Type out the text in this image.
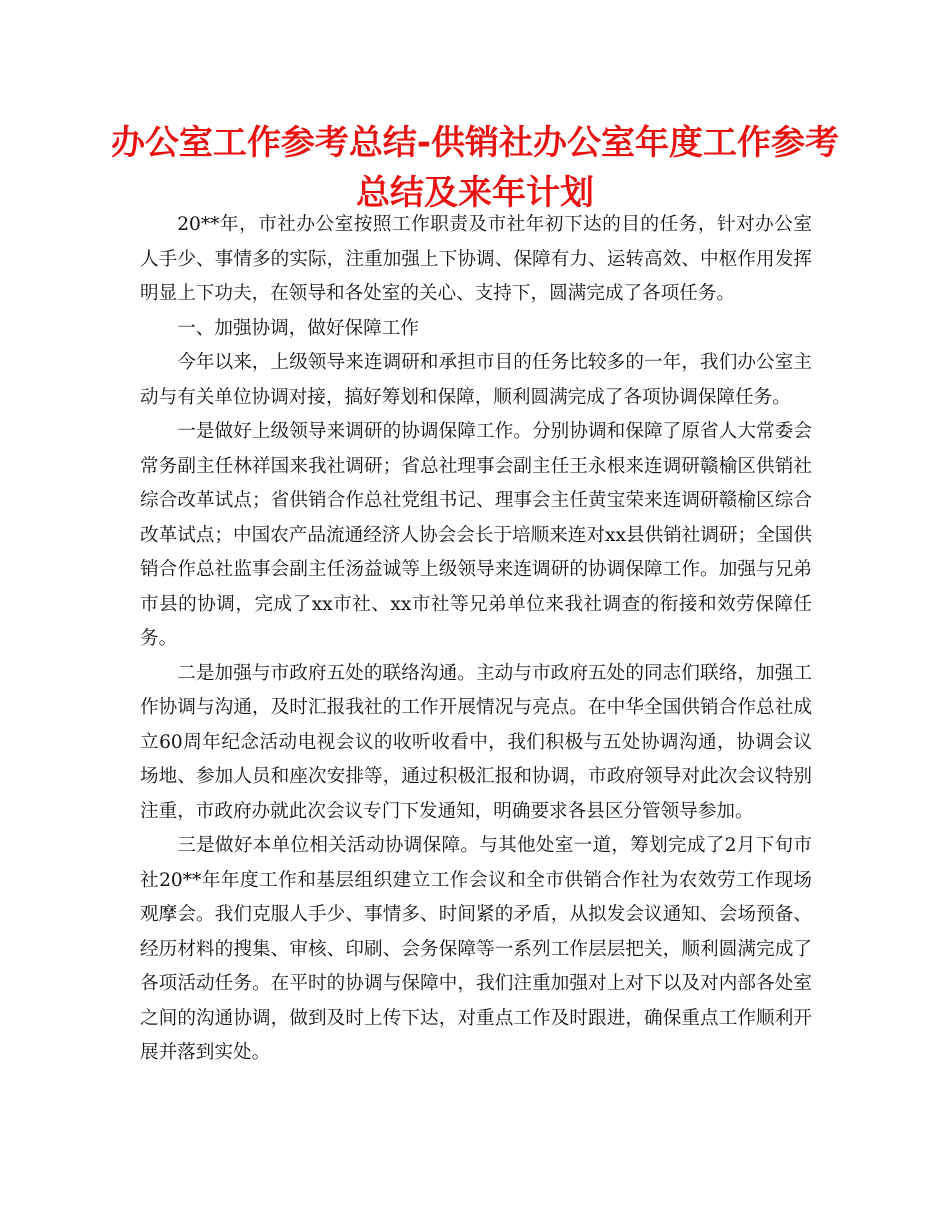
办公室工作参考总结-供销社办公室年度工作参考总结及来年计划

20**年，市社办公室按照工作职责及市社年初下达的目的任务，针对办公室人手少、事情多的实际，注重加强上下协调、保障有力、运转高效、中枢作用发挥明显上下功夫，在领导和各处室的关心、支持下，圆满完成了各项任务。

一、加强协调，做好保障工作

今年以来，上级领导来连调研和承担市目的任务比较多的一年，我们办公室主动与有关单位协调对接，搞好筹划和保障，顺利圆满完成了各项协调保障任务。

一是做好上级领导来调研的协调保障工作。分别协调和保障了原省人大常委会常务副主任林祥国来我社调研；省总社理事会副主任王永根来连调研赣榆区供销社综合改革试点；省供销合作总社党组书记、理事会主任黄宝荣来连调研赣榆区综合改革试点；中国农产品流通经济人协会会长于培顺来连对xx县供销社调研；全国供销合作总社监事会副主任汤益诚等上级领导来连调研的协调保障工作。加强与兄弟市县的协调，完成了xx市社、xx市社等兄弟单位来我社调查的衔接和效劳保障任务。

二是加强与市政府五处的联络沟通。主动与市政府五处的同志们联络，加强工作协调与沟通，及时汇报我社的工作开展情况与亮点。在中华全国供销合作总社成立60周年纪念活动电视会议的收听收看中，我们积极与五处协调沟通，协调会议场地、参加人员和座次安排等，通过积极汇报和协调，市政府领导对此次会议特别注重，市政府办就此次会议专门下发通知，明确要求各县区分管领导参加。

三是做好本单位相关活动协调保障。与其他处室一道，筹划完成了2月下旬市社20**年年度工作和基层组织建立工作会议和全市供销合作社为农效劳工作现场观摩会。我们克服人手少、事情多、时间紧的矛盾，从拟发会议通知、会场预备、经历材料的搜集、审核、印刷、会务保障等一系列工作层层把关，顺利圆满完成了各项活动任务。在平时的协调与保障中，我们注重加强对上对下以及对内部各处室之间的沟通协调，做到及时上传下达，对重点工作及时跟进，确保重点工作顺利开展并落到实处。
